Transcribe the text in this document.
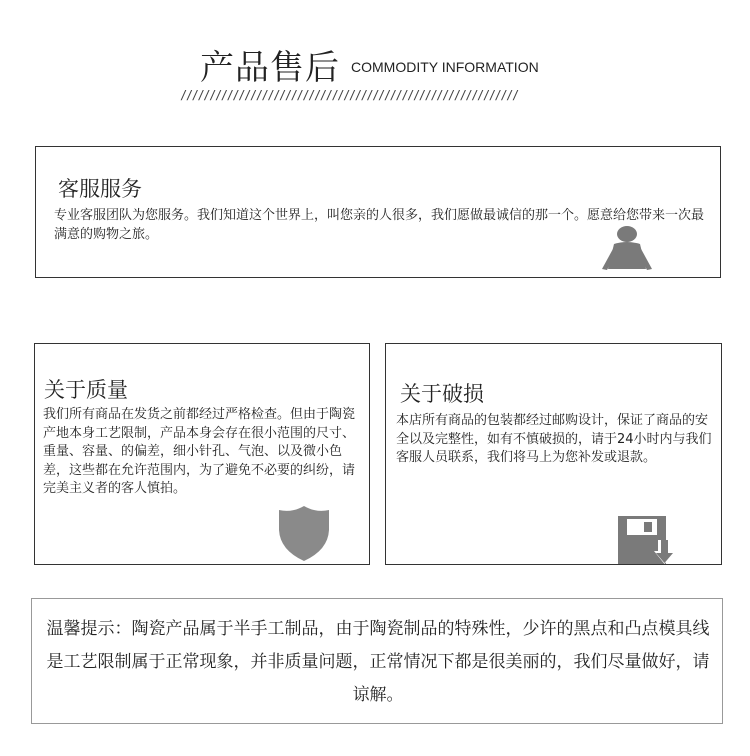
产品售后 COMMODITY INFORMATION
//////////////////////////////////////////////////////////
客服服务
专业客服团队为您服务。我们知道这个世界上，叫您亲的人很多，我们愿做最诚信的那一个。愿意给您带来一次最满意的购物之旅。
关于质量
我们所有商品在发货之前都经过严格检查。但由于陶瓷产地本身工艺限制，产品本身会存在很小范围的尺寸、重量、容量、的偏差，细小针孔、气泡、以及微小色差，这些都在允许范围内，为了避免不必要的纠纷，请完美主义者的客人慎拍。
关于破损
本店所有商品的包装都经过邮购设计，保证了商品的安全以及完整性，如有不慎破损的，请于24小时内与我们客服人员联系，我们将马上为您补发或退款。
温馨提示：陶瓷产品属于半手工制品，由于陶瓷制品的特殊性，少许的黑点和凸点模具线是工艺限制属于正常现象，并非质量问题，正常情况下都是很美丽的，我们尽量做好，请谅解。
